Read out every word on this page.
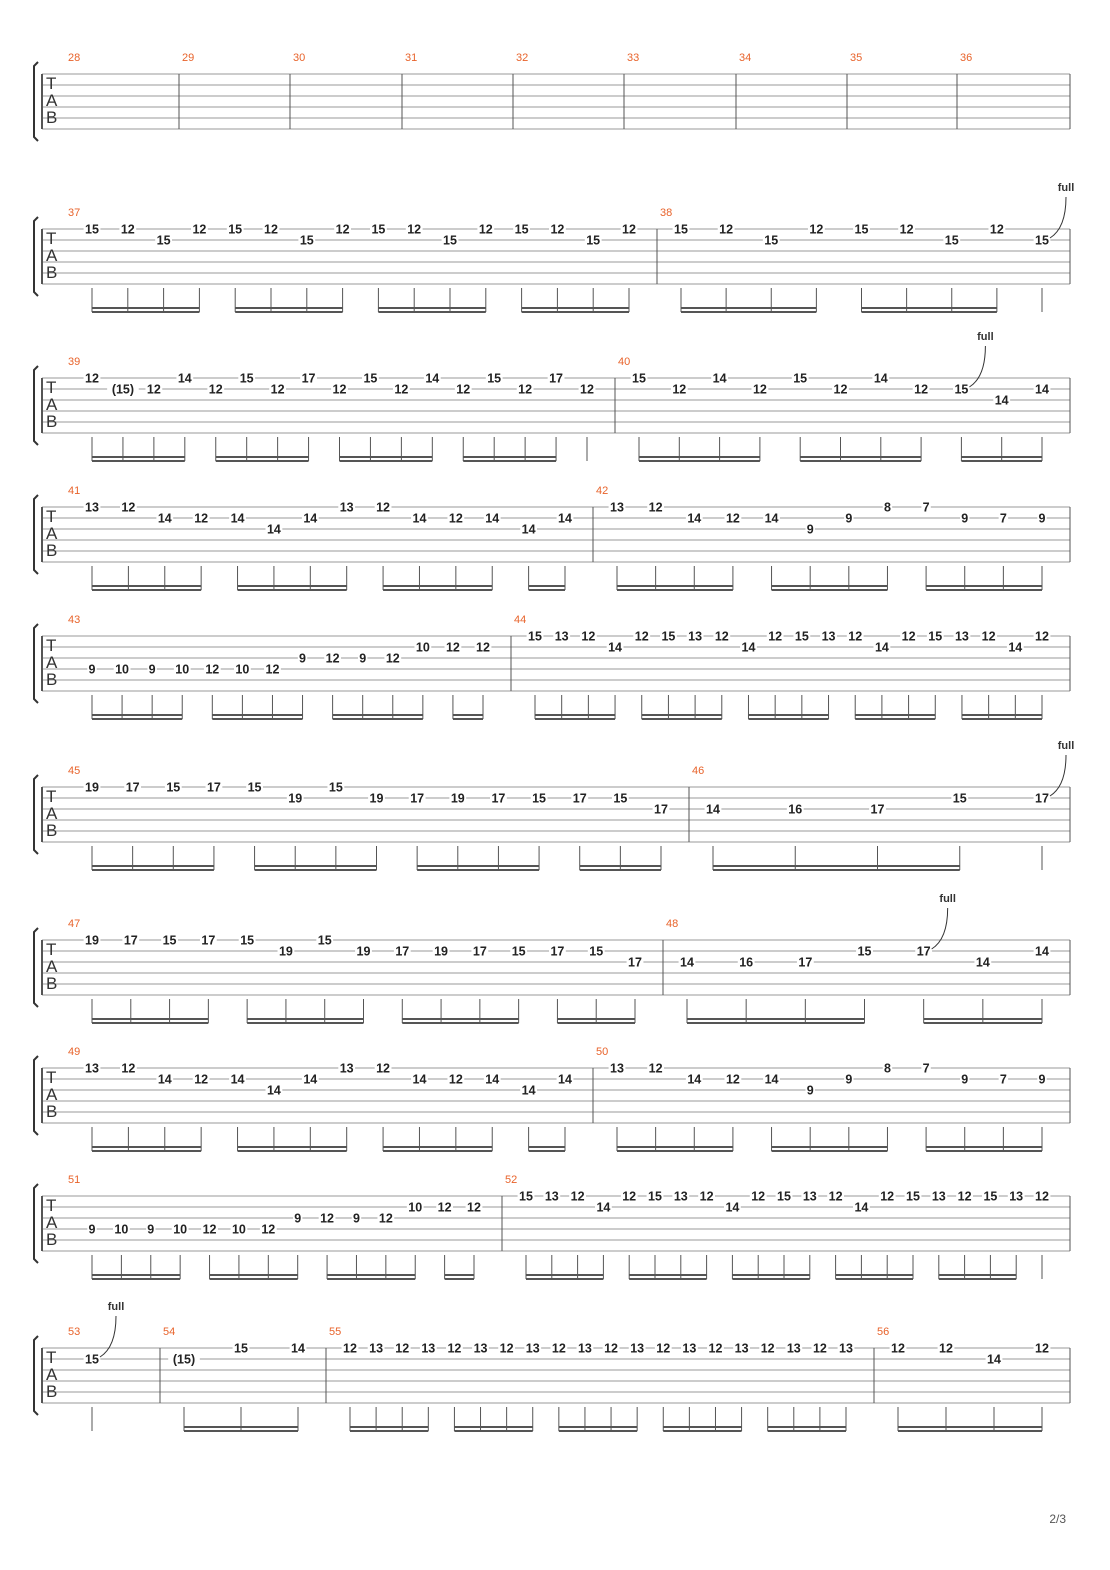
T
A
B
28	29	30	31	32	33	34	35	36
T
A
B
37
15 12
15
12 15 12
15
12 15 12
15
12 15 12
15
12
38
15 12
15
12 15 12
15
12
15
full
T
A
B
39
12
(15) 12
14
12
15
12
17
12
15
12
14
12
15
12
17
12
40
15
12
14
12
15
12
14
12 15
14
14
full
T
A
B
41
13 12
14 12 14
14
14
13 12
14 12 14
14
14
42
13 12
14 12 14
9
9
8	7
9	7	9
T
A
B
43
9 10 9 10 12 10 12
9 12 9 12
10 12 12
44
15 13 12
14
12 15 13 12
14
12 15 13 12
14
12 15 13 12
14
12
T
A
B
45
19 17 15 17 15
19
15
19 17 19 17 15 17 15
17
46
14	16	17
15	17
full
T
A
B
47
19 17 15 17 15
19
15
19 17 19 17 15 17 15
17
48
14	16	17
15	17
14
14
full
T
A
B
49
13 12
14 12 14
14
14
13 12
14 12 14
14
14
50
13 12
14 12 14
9
9
8	7
9	7	9
T
A
B
51
9 10 9 10 12 10 12
9 12 9 12
10 12 12
52
15 13 12
14
12 15 13 12
14
12 15 13 12
14
12 15 13 12 15 13 12
T
A
B
53
15
full
54
(15)
15	14
55
12 13 12 13 12 13 12 13 12 13 12 13 12 13 12 13 12 13 12 13
56
12	12
14
12
2/3
